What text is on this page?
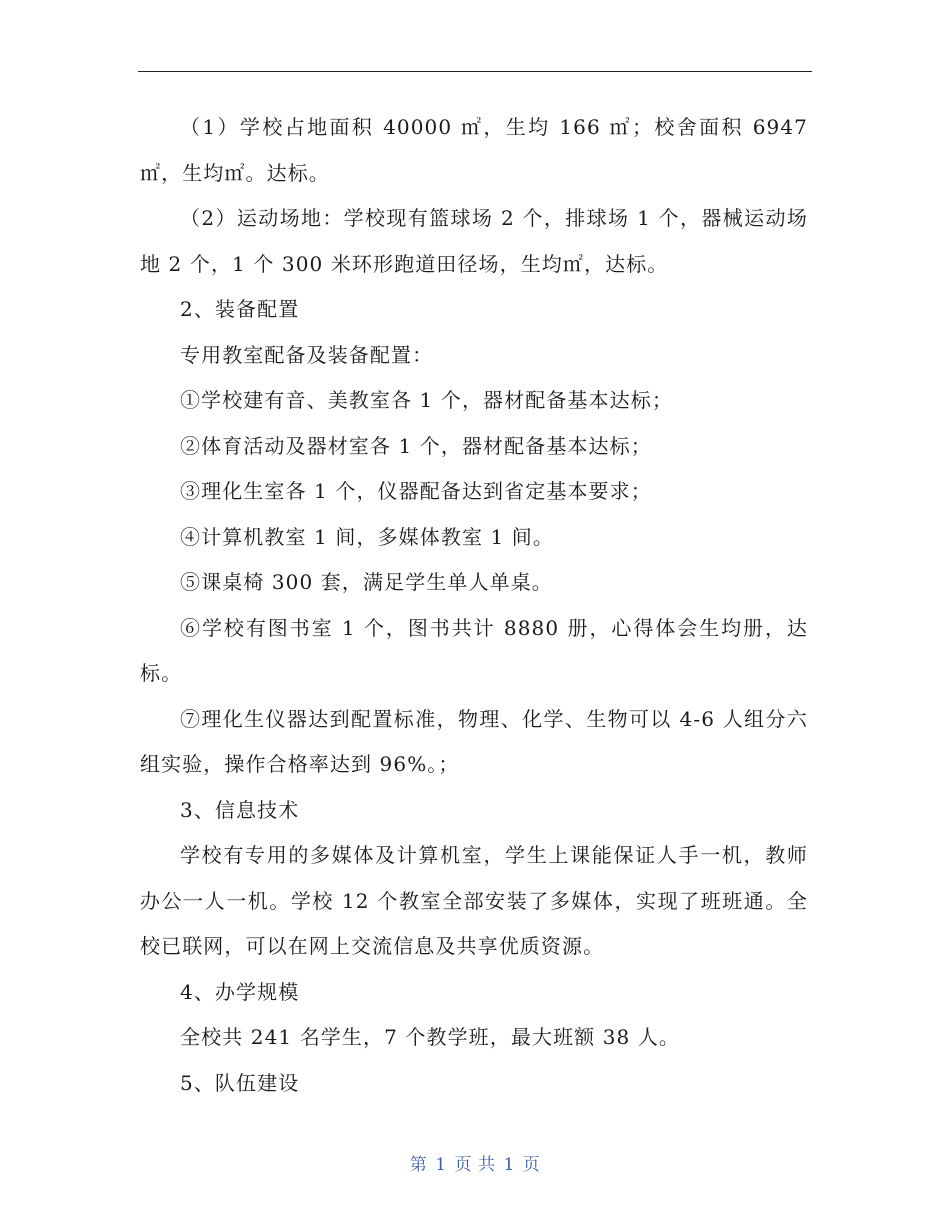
（1）学校占地面积 40000 ㎡，生均 166 ㎡；校舍面积 6947 ㎡，生均㎡。达标。

（2）运动场地：学校现有篮球场 2 个，排球场 1 个，器械运动场地 2 个，1 个 300 米环形跑道田径场，生均㎡，达标。

2、装备配置

专用教室配备及装备配置：

①学校建有音、美教室各 1 个，器材配备基本达标；

②体育活动及器材室各 1 个，器材配备基本达标；

③理化生室各 1 个，仪器配备达到省定基本要求；

④计算机教室 1 间，多媒体教室 1 间。

⑤课桌椅 300 套，满足学生单人单桌。

⑥学校有图书室 1 个，图书共计 8880 册，心得体会生均册，达标。

⑦理化生仪器达到配置标准，物理、化学、生物可以 4-6 人组分六组实验，操作合格率达到 96%。；

3、信息技术

学校有专用的多媒体及计算机室，学生上课能保证人手一机，教师办公一人一机。学校 12 个教室全部安装了多媒体，实现了班班通。全校已联网，可以在网上交流信息及共享优质资源。

4、办学规模

全校共 241 名学生，7 个教学班，最大班额 38 人。

5、队伍建设

第 1 页 共 1 页
